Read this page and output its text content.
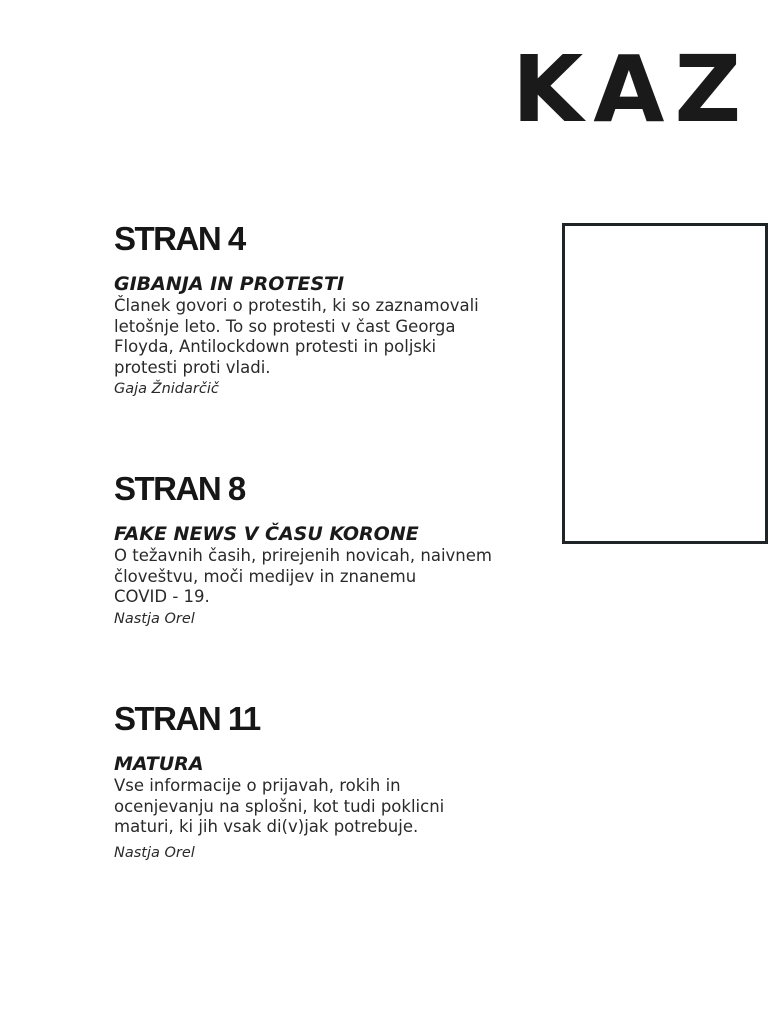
KAZ
STRAN 4
GIBANJA IN PROTESTI
Članek govori o protestih, ki so zaznamovali
letošnje leto. To so protesti v čast Georga
Floyda, Antilockdown protesti in poljski
protesti proti vladi.
Gaja Žnidarčič
STRAN 8
FAKE NEWS V ČASU KORONE
O težavnih časih, prirejenih novicah, naivnem
človeštvu, moči medijev in znanemu
COVID - 19.
Nastja Orel
STRAN 11
MATURA
Vse informacije o prijavah, rokih in
ocenjevanju na splošni, kot tudi poklicni
maturi, ki jih vsak di(v)jak potrebuje.
Nastja Orel
